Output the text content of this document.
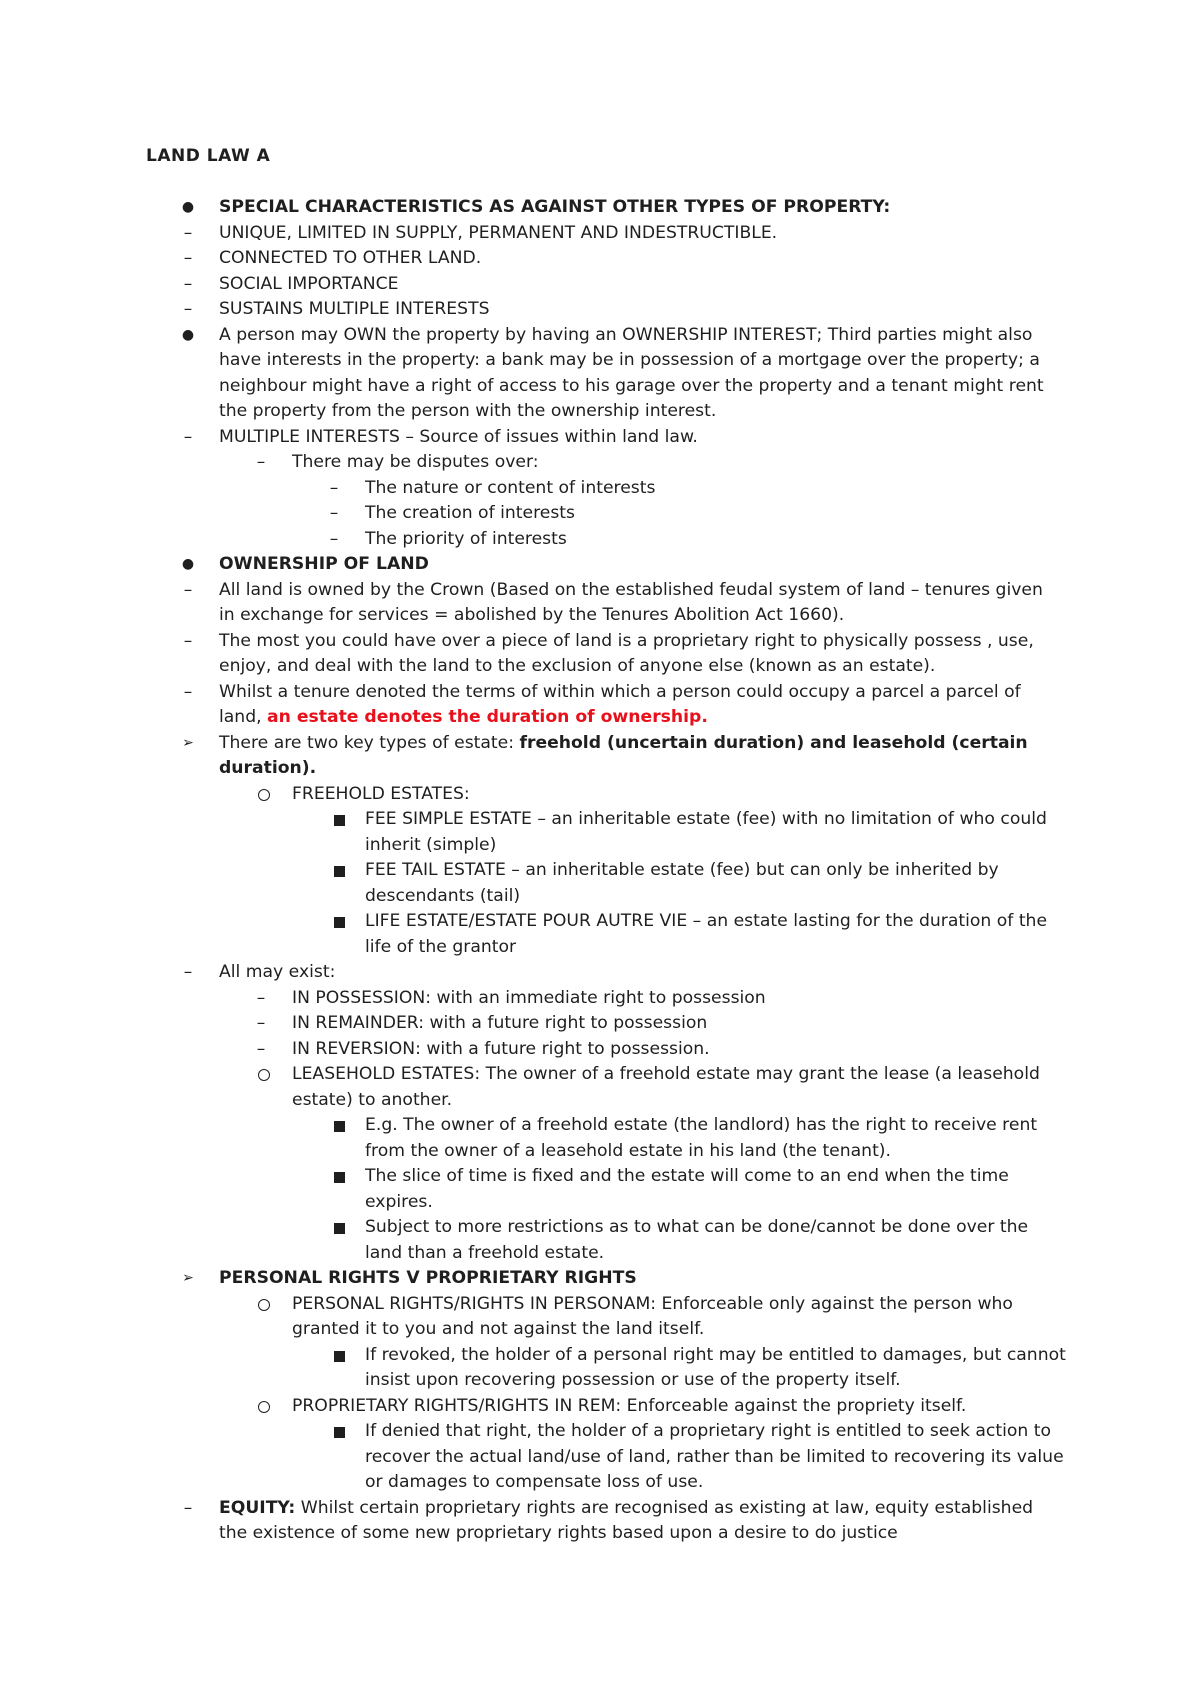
LAND LAW A
● SPECIAL CHARACTERISTICS AS AGAINST OTHER TYPES OF PROPERTY:
–	UNIQUE, LIMITED IN SUPPLY, PERMANENT AND INDESTRUCTIBLE.
–	CONNECTED TO OTHER LAND.
–	SOCIAL IMPORTANCE
–	SUSTAINS MULTIPLE INTERESTS
● A person may OWN the property by having an OWNERSHIP INTEREST; Third parties might also have interests in the property: a bank may be in possession of a mortgage over the property; a neighbour might have a right of access to his garage over the property and a tenant might rent the property from the person with the ownership interest.
–	MULTIPLE INTERESTS – Source of issues within land law.
–	There may be disputes over:
–	The nature or content of interests
–	The creation of interests
–	The priority of interests
● OWNERSHIP OF LAND
–	All land is owned by the Crown (Based on the established feudal system of land – tenures given in exchange for services = abolished by the Tenures Abolition Act 1660).
–	The most you could have over a piece of land is a proprietary right to physically possess , use, enjoy, and deal with the land to the exclusion of anyone else (known as an estate).
–	Whilst a tenure denoted the terms of within which a person could occupy a parcel a parcel of land, an estate denotes the duration of ownership.
➢ There are two key types of estate: freehold (uncertain duration) and leasehold (certain duration).
FREEHOLD ESTATES:
FEE SIMPLE ESTATE – an inheritable estate (fee) with no limitation of who could inherit (simple)
FEE TAIL ESTATE – an inheritable estate (fee) but can only be inherited by descendants (tail)
LIFE ESTATE/ESTATE POUR AUTRE VIE – an estate lasting for the duration of the life of the grantor
–	All may exist:
–	IN POSSESSION: with an immediate right to possession
–	IN REMAINDER: with a future right to possession
–	IN REVERSION: with a future right to possession.
LEASEHOLD ESTATES: The owner of a freehold estate may grant the lease (a leasehold estate) to another.
E.g. The owner of a freehold estate (the landlord) has the right to receive rent from the owner of a leasehold estate in his land (the tenant).
The slice of time is fixed and the estate will come to an end when the time expires.
Subject to more restrictions as to what can be done/cannot be done over the land than a freehold estate.
➢ PERSONAL RIGHTS V PROPRIETARY RIGHTS
PERSONAL RIGHTS/RIGHTS IN PERSONAM: Enforceable only against the person who granted it to you and not against the land itself.
If revoked, the holder of a personal right may be entitled to damages, but cannot insist upon recovering possession or use of the property itself.
PROPRIETARY RIGHTS/RIGHTS IN REM: Enforceable against the propriety itself.
If denied that right, the holder of a proprietary right is entitled to seek action to recover the actual land/use of land, rather than be limited to recovering its value or damages to compensate loss of use.
–	EQUITY: Whilst certain proprietary rights are recognised as existing at law, equity established the existence of some new proprietary rights based upon a desire to do justice
